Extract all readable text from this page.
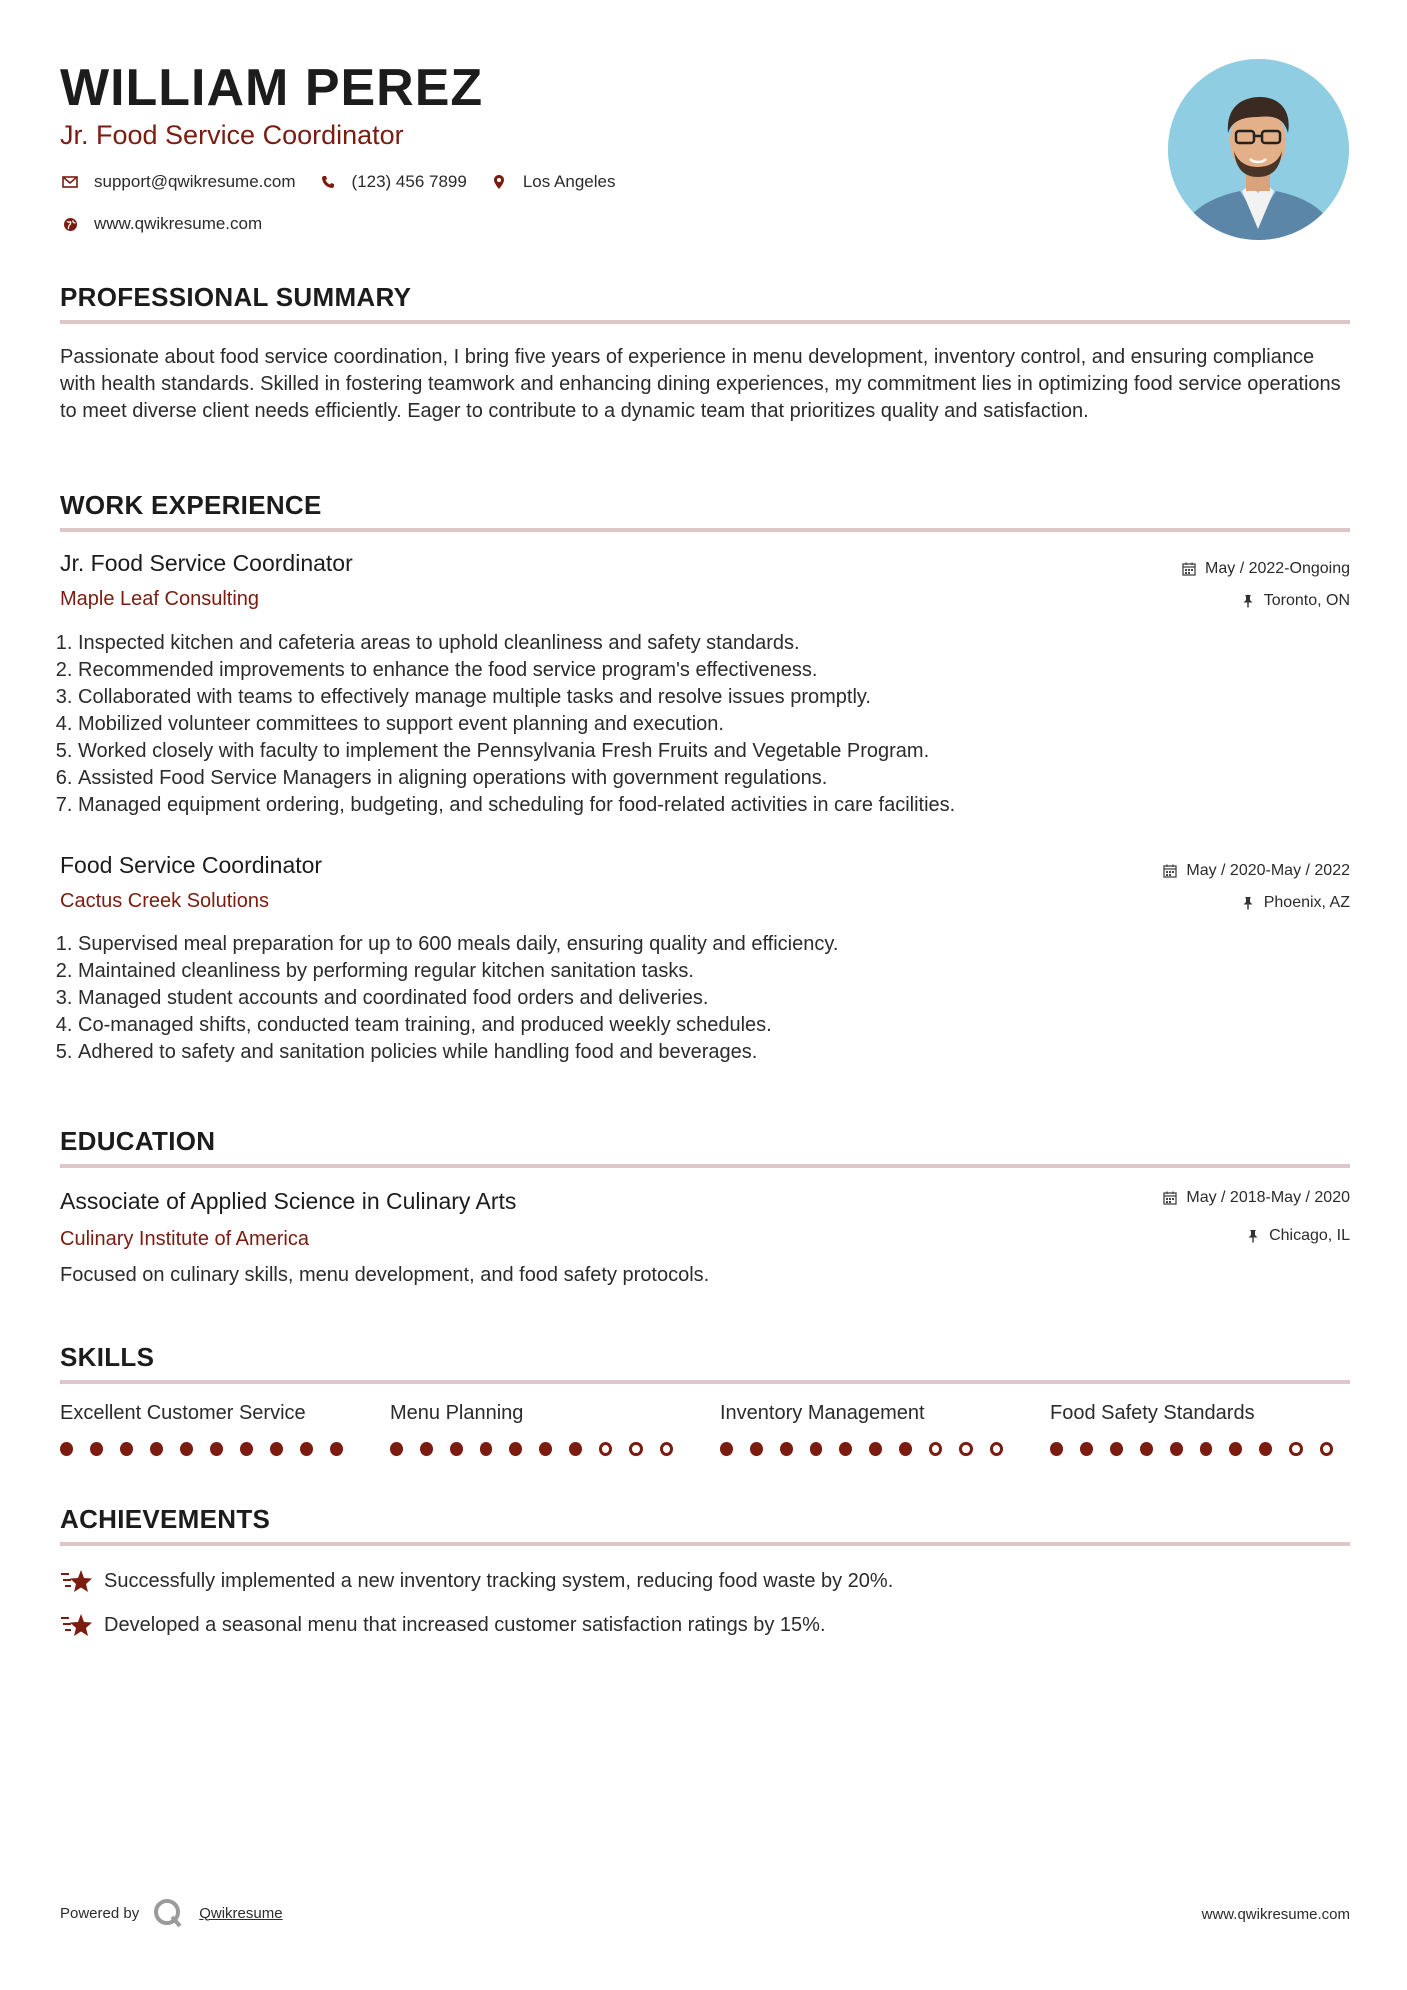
WILLIAM PEREZ
Jr. Food Service Coordinator
support@qwikresume.com	(123) 456 7899	Los Angeles
www.qwikresume.com
PROFESSIONAL SUMMARY
Passionate about food service coordination, I bring five years of experience in menu development, inventory control, and ensuring compliance with health standards. Skilled in fostering teamwork and enhancing dining experiences, my commitment lies in optimizing food service operations to meet diverse client needs efficiently. Eager to contribute to a dynamic team that prioritizes quality and satisfaction.
WORK EXPERIENCE
Jr. Food Service Coordinator
Maple Leaf Consulting
May / 2022-Ongoing
Toronto, ON
1. Inspected kitchen and cafeteria areas to uphold cleanliness and safety standards.
2. Recommended improvements to enhance the food service program's effectiveness.
3. Collaborated with teams to effectively manage multiple tasks and resolve issues promptly.
4. Mobilized volunteer committees to support event planning and execution.
5. Worked closely with faculty to implement the Pennsylvania Fresh Fruits and Vegetable Program.
6. Assisted Food Service Managers in aligning operations with government regulations.
7. Managed equipment ordering, budgeting, and scheduling for food-related activities in care facilities.
Food Service Coordinator
Cactus Creek Solutions
May / 2020-May / 2022
Phoenix, AZ
1. Supervised meal preparation for up to 600 meals daily, ensuring quality and efficiency.
2. Maintained cleanliness by performing regular kitchen sanitation tasks.
3. Managed student accounts and coordinated food orders and deliveries.
4. Co-managed shifts, conducted team training, and produced weekly schedules.
5. Adhered to safety and sanitation policies while handling food and beverages.
EDUCATION
Associate of Applied Science in Culinary Arts
Culinary Institute of America
May / 2018-May / 2020
Chicago, IL
Focused on culinary skills, menu development, and food safety protocols.
SKILLS
Excellent Customer Service	Menu Planning	Inventory Management	Food Safety Standards
ACHIEVEMENTS
Successfully implemented a new inventory tracking system, reducing food waste by 20%.
Developed a seasonal menu that increased customer satisfaction ratings by 15%.
Powered by	Qwikresume	www.qwikresume.com
